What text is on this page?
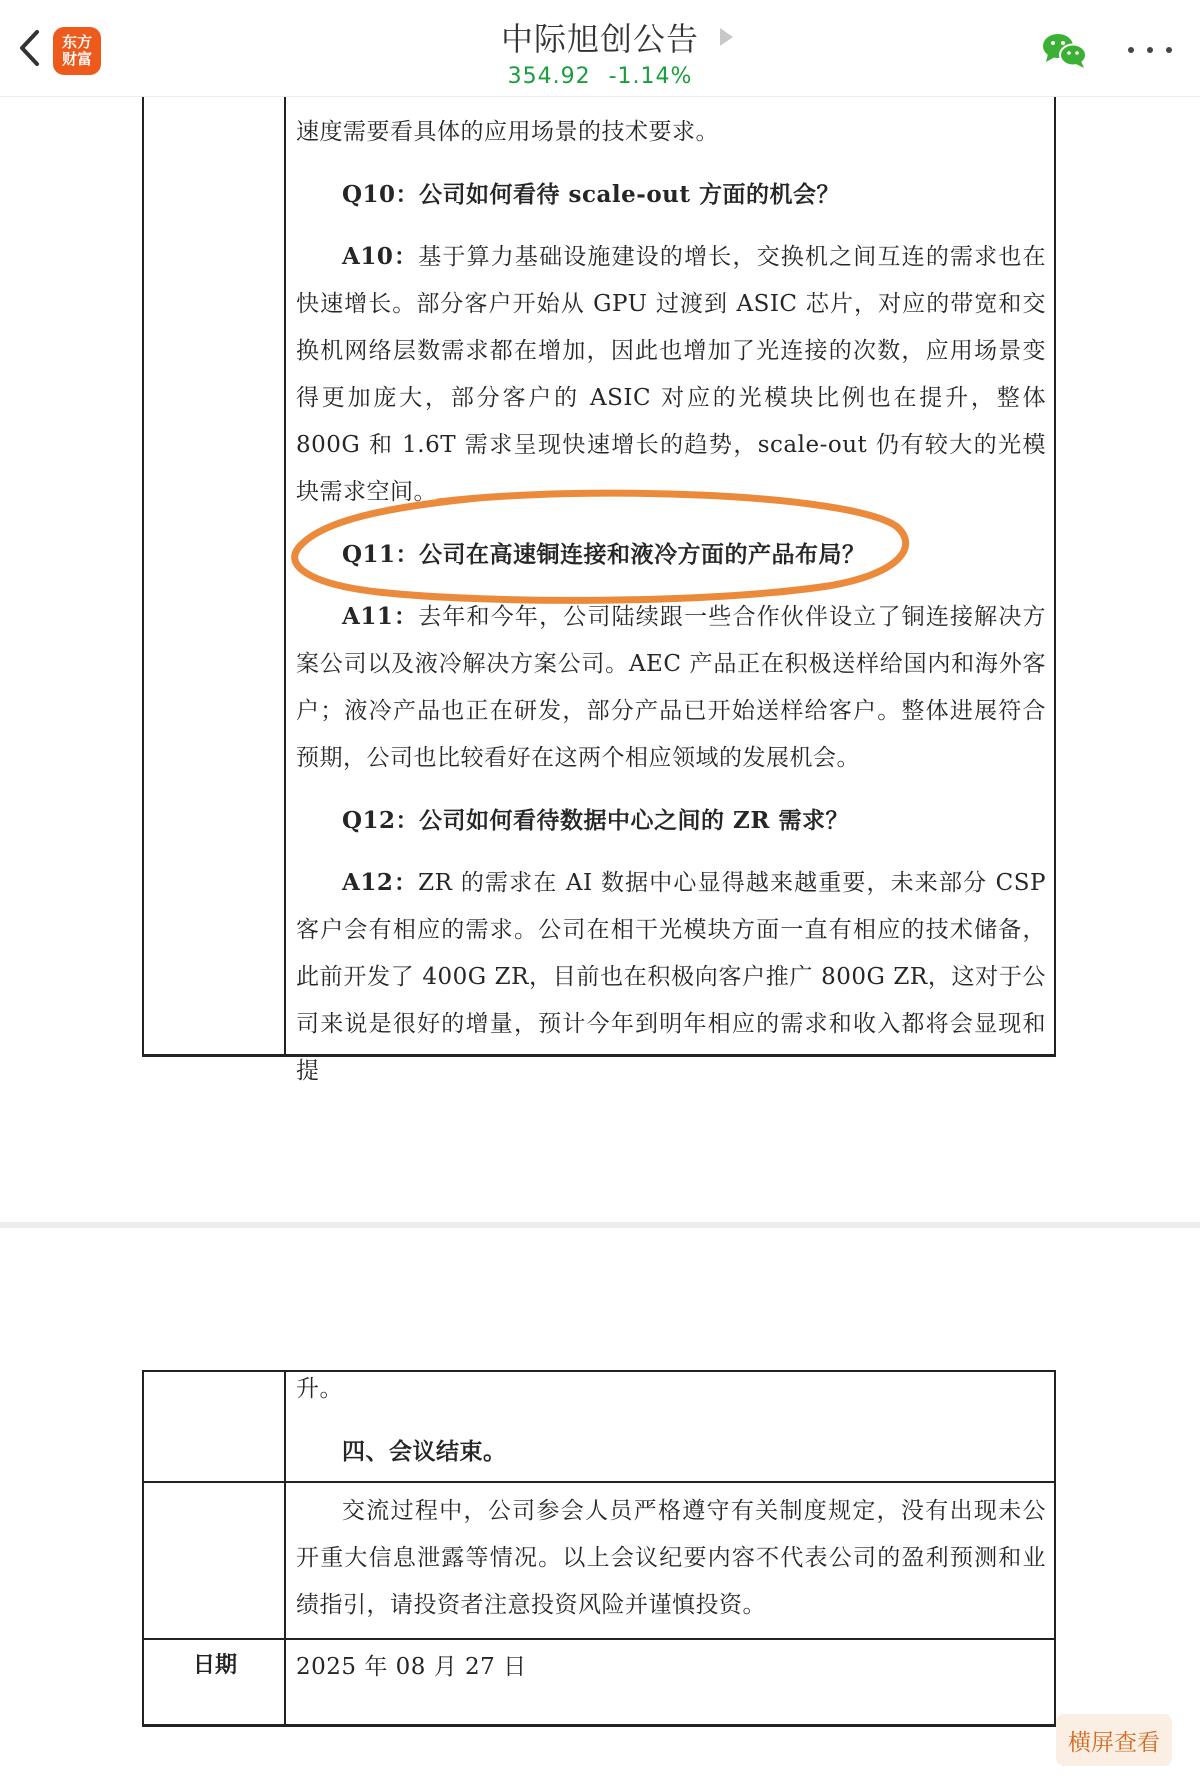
东方
财富
中际旭创公告
354.92 -1.14%

速度需要看具体的应用场景的技术要求。

Q10：公司如何看待 scale-out 方面的机会？

A10：基于算力基础设施建设的增长，交换机之间互连的需求也在快速增长。部分客户开始从 GPU 过渡到 ASIC 芯片，对应的带宽和交换机网络层数需求都在增加，因此也增加了光连接的次数，应用场景变得更加庞大，部分客户的 ASIC 对应的光模块比例也在提升，整体 800G 和 1.6T 需求呈现快速增长的趋势，scale-out 仍有较大的光模块需求空间。

Q11：公司在高速铜连接和液冷方面的产品布局？

A11：去年和今年，公司陆续跟一些合作伙伴设立了铜连接解决方案公司以及液冷解决方案公司。AEC 产品正在积极送样给国内和海外客户；液冷产品也正在研发，部分产品已开始送样给客户。整体进展符合预期，公司也比较看好在这两个相应领域的发展机会。

Q12：公司如何看待数据中心之间的 ZR 需求？

A12：ZR 的需求在 AI 数据中心显得越来越重要，未来部分 CSP 客户会有相应的需求。公司在相干光模块方面一直有相应的技术储备，此前开发了 400G ZR，目前也在积极向客户推广 800G ZR，这对于公司来说是很好的增量，预计今年到明年相应的需求和收入都将会显现和提

升。

四、会议结束。

交流过程中，公司参会人员严格遵守有关制度规定，没有出现未公开重大信息泄露等情况。以上会议纪要内容不代表公司的盈利预测和业绩指引，请投资者注意投资风险并谨慎投资。

日期	2025 年 08 月 27 日
横屏查看
